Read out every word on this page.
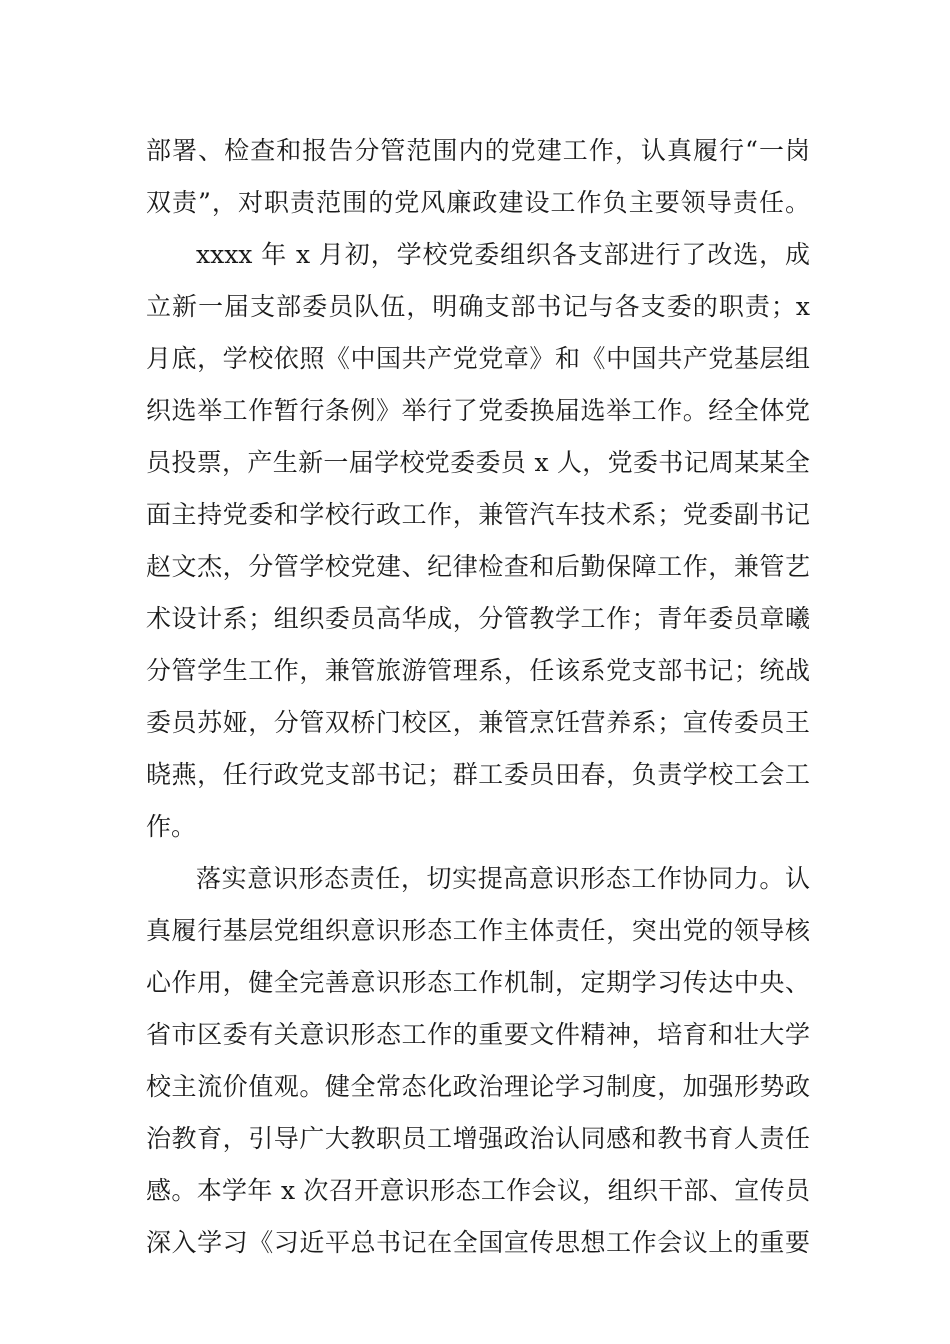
部署、检查和报告分管范围内的党建工作，认真履行“一岗
双责”，对职责范围的党风廉政建设工作负主要领导责任。
xxxx 年 x 月初，学校党委组织各支部进行了改选，成
立新一届支部委员队伍，明确支部书记与各支委的职责；x
月底，学校依照《中国共产党党章》和《中国共产党基层组
织选举工作暂行条例》举行了党委换届选举工作。经全体党
员投票，产生新一届学校党委委员 x 人，党委书记周某某全
面主持党委和学校行政工作，兼管汽车技术系；党委副书记
赵文杰，分管学校党建、纪律检查和后勤保障工作，兼管艺
术设计系；组织委员高华成，分管教学工作；青年委员章曦
分管学生工作，兼管旅游管理系，任该系党支部书记；统战
委员苏娅，分管双桥门校区，兼管烹饪营养系；宣传委员王
晓燕，任行政党支部书记；群工委员田春，负责学校工会工
作。
落实意识形态责任，切实提高意识形态工作协同力。认
真履行基层党组织意识形态工作主体责任，突出党的领导核
心作用，健全完善意识形态工作机制，定期学习传达中央、
省市区委有关意识形态工作的重要文件精神，培育和壮大学
校主流价值观。健全常态化政治理论学习制度，加强形势政
治教育，引导广大教职员工增强政治认同感和教书育人责任
感。本学年 x 次召开意识形态工作会议，组织干部、宣传员
深入学习《习近平总书记在全国宣传思想工作会议上的重要
